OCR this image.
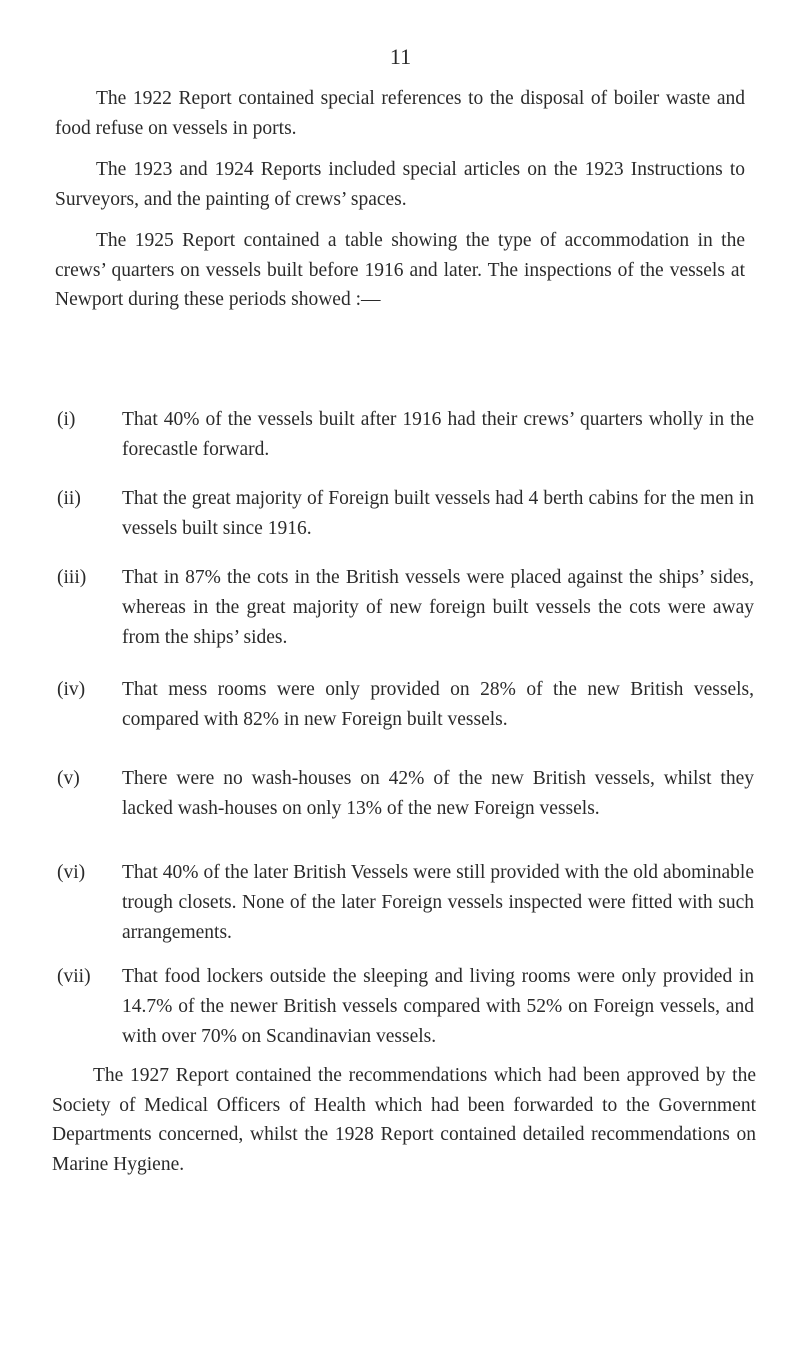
11

The 1922 Report contained special references to the disposal of boiler waste and food refuse on vessels in ports.

The 1923 and 1924 Reports included special articles on the 1923 Instructions to Surveyors, and the painting of crews’ spaces.

The 1925 Report contained a table showing the type of accommodation in the crews’ quarters on vessels built before 1916 and later. The inspections of the vessels at Newport during these periods showed :—

(i)	That 40% of the vessels built after 1916 had their crews’ quarters wholly in the forecastle forward.
(ii)	That the great majority of Foreign built vessels had 4 berth cabins for the men in vessels built since 1916.
(iii)	That in 87% the cots in the British vessels were placed against the ships’ sides, whereas in the great majority of new foreign built vessels the cots were away from the ships’ sides.
(iv)	That mess rooms were only provided on 28% of the new British vessels, compared with 82% in new Foreign built vessels.
(v)	There were no wash-houses on 42% of the new British vessels, whilst they lacked wash-houses on only 13% of the new Foreign vessels.
(vi)	That 40% of the later British Vessels were still provided with the old abominable trough closets. None of the later Foreign vessels inspected were fitted with such arrangements.
(vii)	That food lockers outside the sleeping and living rooms were only provided in 14.7% of the newer British vessels compared with 52% on Foreign vessels, and with over 70% on Scandinavian vessels.

The 1927 Report contained the recommendations which had been approved by the Society of Medical Officers of Health which had been forwarded to the Government Departments concerned, whilst the 1928 Report contained detailed recommendations on Marine Hygiene.
